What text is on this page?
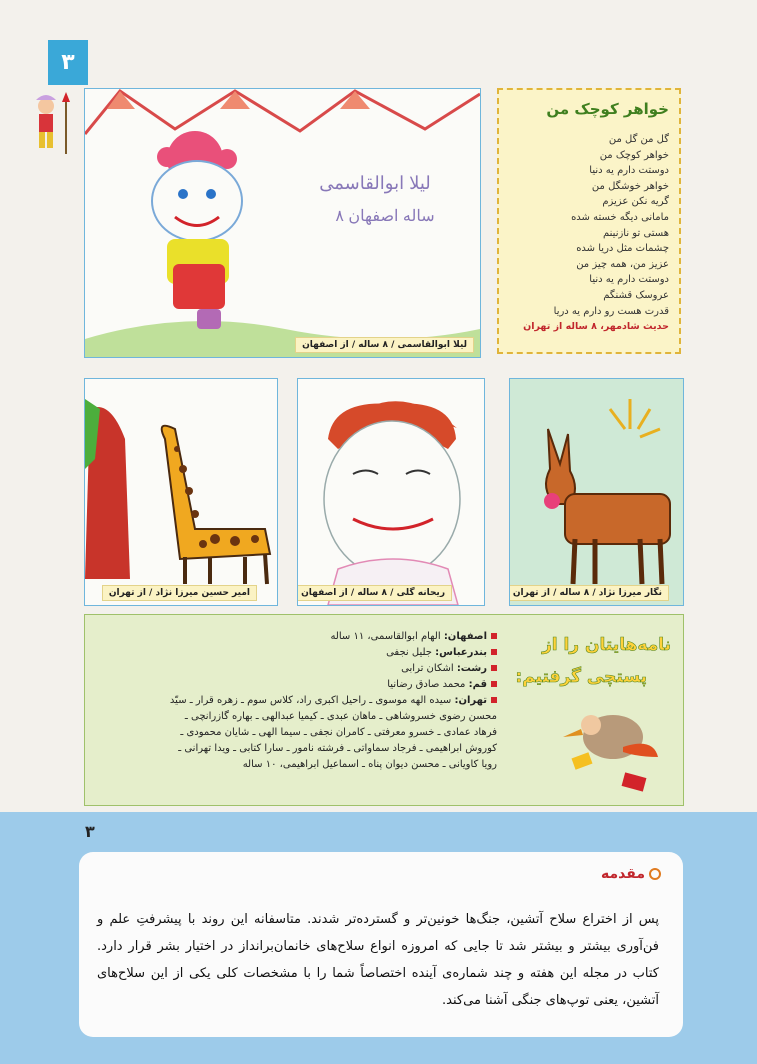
۳
لیلا ابوالقاسمی
۸ ساله اصفهان
لیلا ابوالقاسمی / ۸ ساله / از اصفهان
خواهر کوچک من
گل من گل من
خواهر کوچک من
دوستت دارم یه دنیا
خواهر خوشگل من
گریه نکن عزیزم
مامانی دیگه خسته شده
هستی تو نازنینم
چشمات مثل دریا شده
عزیز من، همه چیز من
دوستت دارم یه دنیا
عروسک قشنگم
قدرت هست رو دارم یه دریا
حدیث شادمهر، ۸ ساله از تهران
امیر حسین میرزا نژاد / از تهران	ریحانه گلی / ۸ ساله / از اصفهان	نگار میرزا نژاد / ۸ ساله / از تهران
نامه‌هایتان را از
پستچی گرفتیم:
اصفهان: الهام ابوالقاسمی، ۱۱ ساله
بندرعباس: جلیل نجفی
رشت: اشکان ترابی
قم: محمد صادق رضانیا
تهران: سیده الهه موسوی ـ راحیل اکبری راد، کلاس سوم ـ زهره قرار ـ سیّد
محسن رضوی خسروشاهی ـ ماهان عبدی ـ کیمیا عبدالهی ـ بهاره گازرانچی ـ
فرهاد عمادی ـ خسرو معرفتی ـ کامران نجفی ـ سیما الهی ـ شایان محمودی ـ
کوروش ابراهیمی ـ فرجاد سماواتی ـ فرشته نامور ـ سارا کتابی ـ ویدا تهرانی ـ
رویا کاویانی ـ محسن دیوان پناه ـ اسماعیل ابراهیمی، ۱۰ ساله
۳
مقدمه
پس از اختراع سلاح آتشین، جنگ‌ها خونین‌تر و گسترده‌تر شدند. متاسفانه این روند با پیشرفتِ علم و فن‌آوری بیشتر و بیشتر شد تا جایی که امروزه انواع سلاح‌های خانمان‌برانداز در اختیار بشر قرار دارد. کتاب در مجله این هفته و چند شماره‌ی آینده اختصاصاً شما را با مشخصات کلی یکی از این سلاح‌های آتشین، یعنی توپ‌های جنگی آشنا می‌کند.
